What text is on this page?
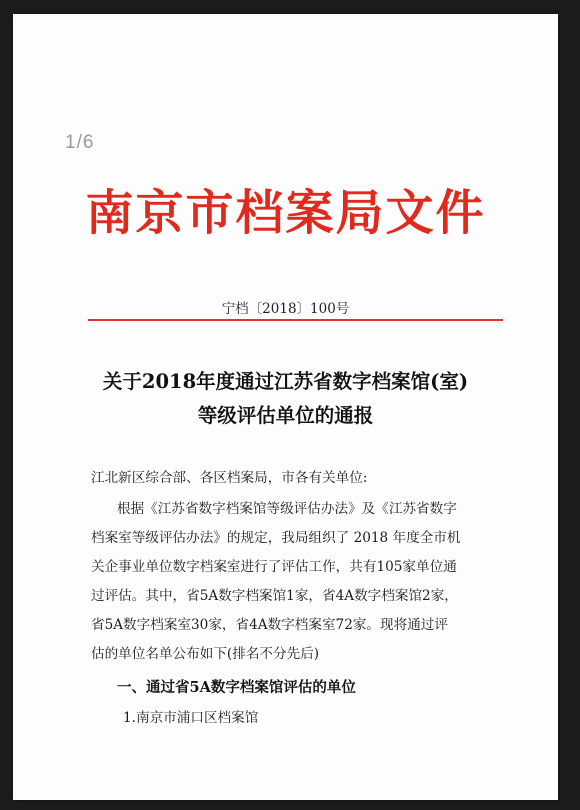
1/6
南京市档案局文件
宁档〔2018〕100号
关于2018年度通过江苏省数字档案馆(室)
等级评估单位的通报
江北新区综合部、各区档案局，市各有关单位:
根据《江苏省数字档案馆等级评估办法》及《江苏省数字
档案室等级评估办法》的规定，我局组织了 2018 年度全市机
关企事业单位数字档案室进行了评估工作，共有105家单位通
过评估。其中，省5A数字档案馆1家，省4A数字档案馆2家，
省5A数字档案室30家，省4A数字档案室72家。现将通过评
估的单位名单公布如下(排名不分先后)
一、通过省5A数字档案馆评估的单位
1.南京市浦口区档案馆
